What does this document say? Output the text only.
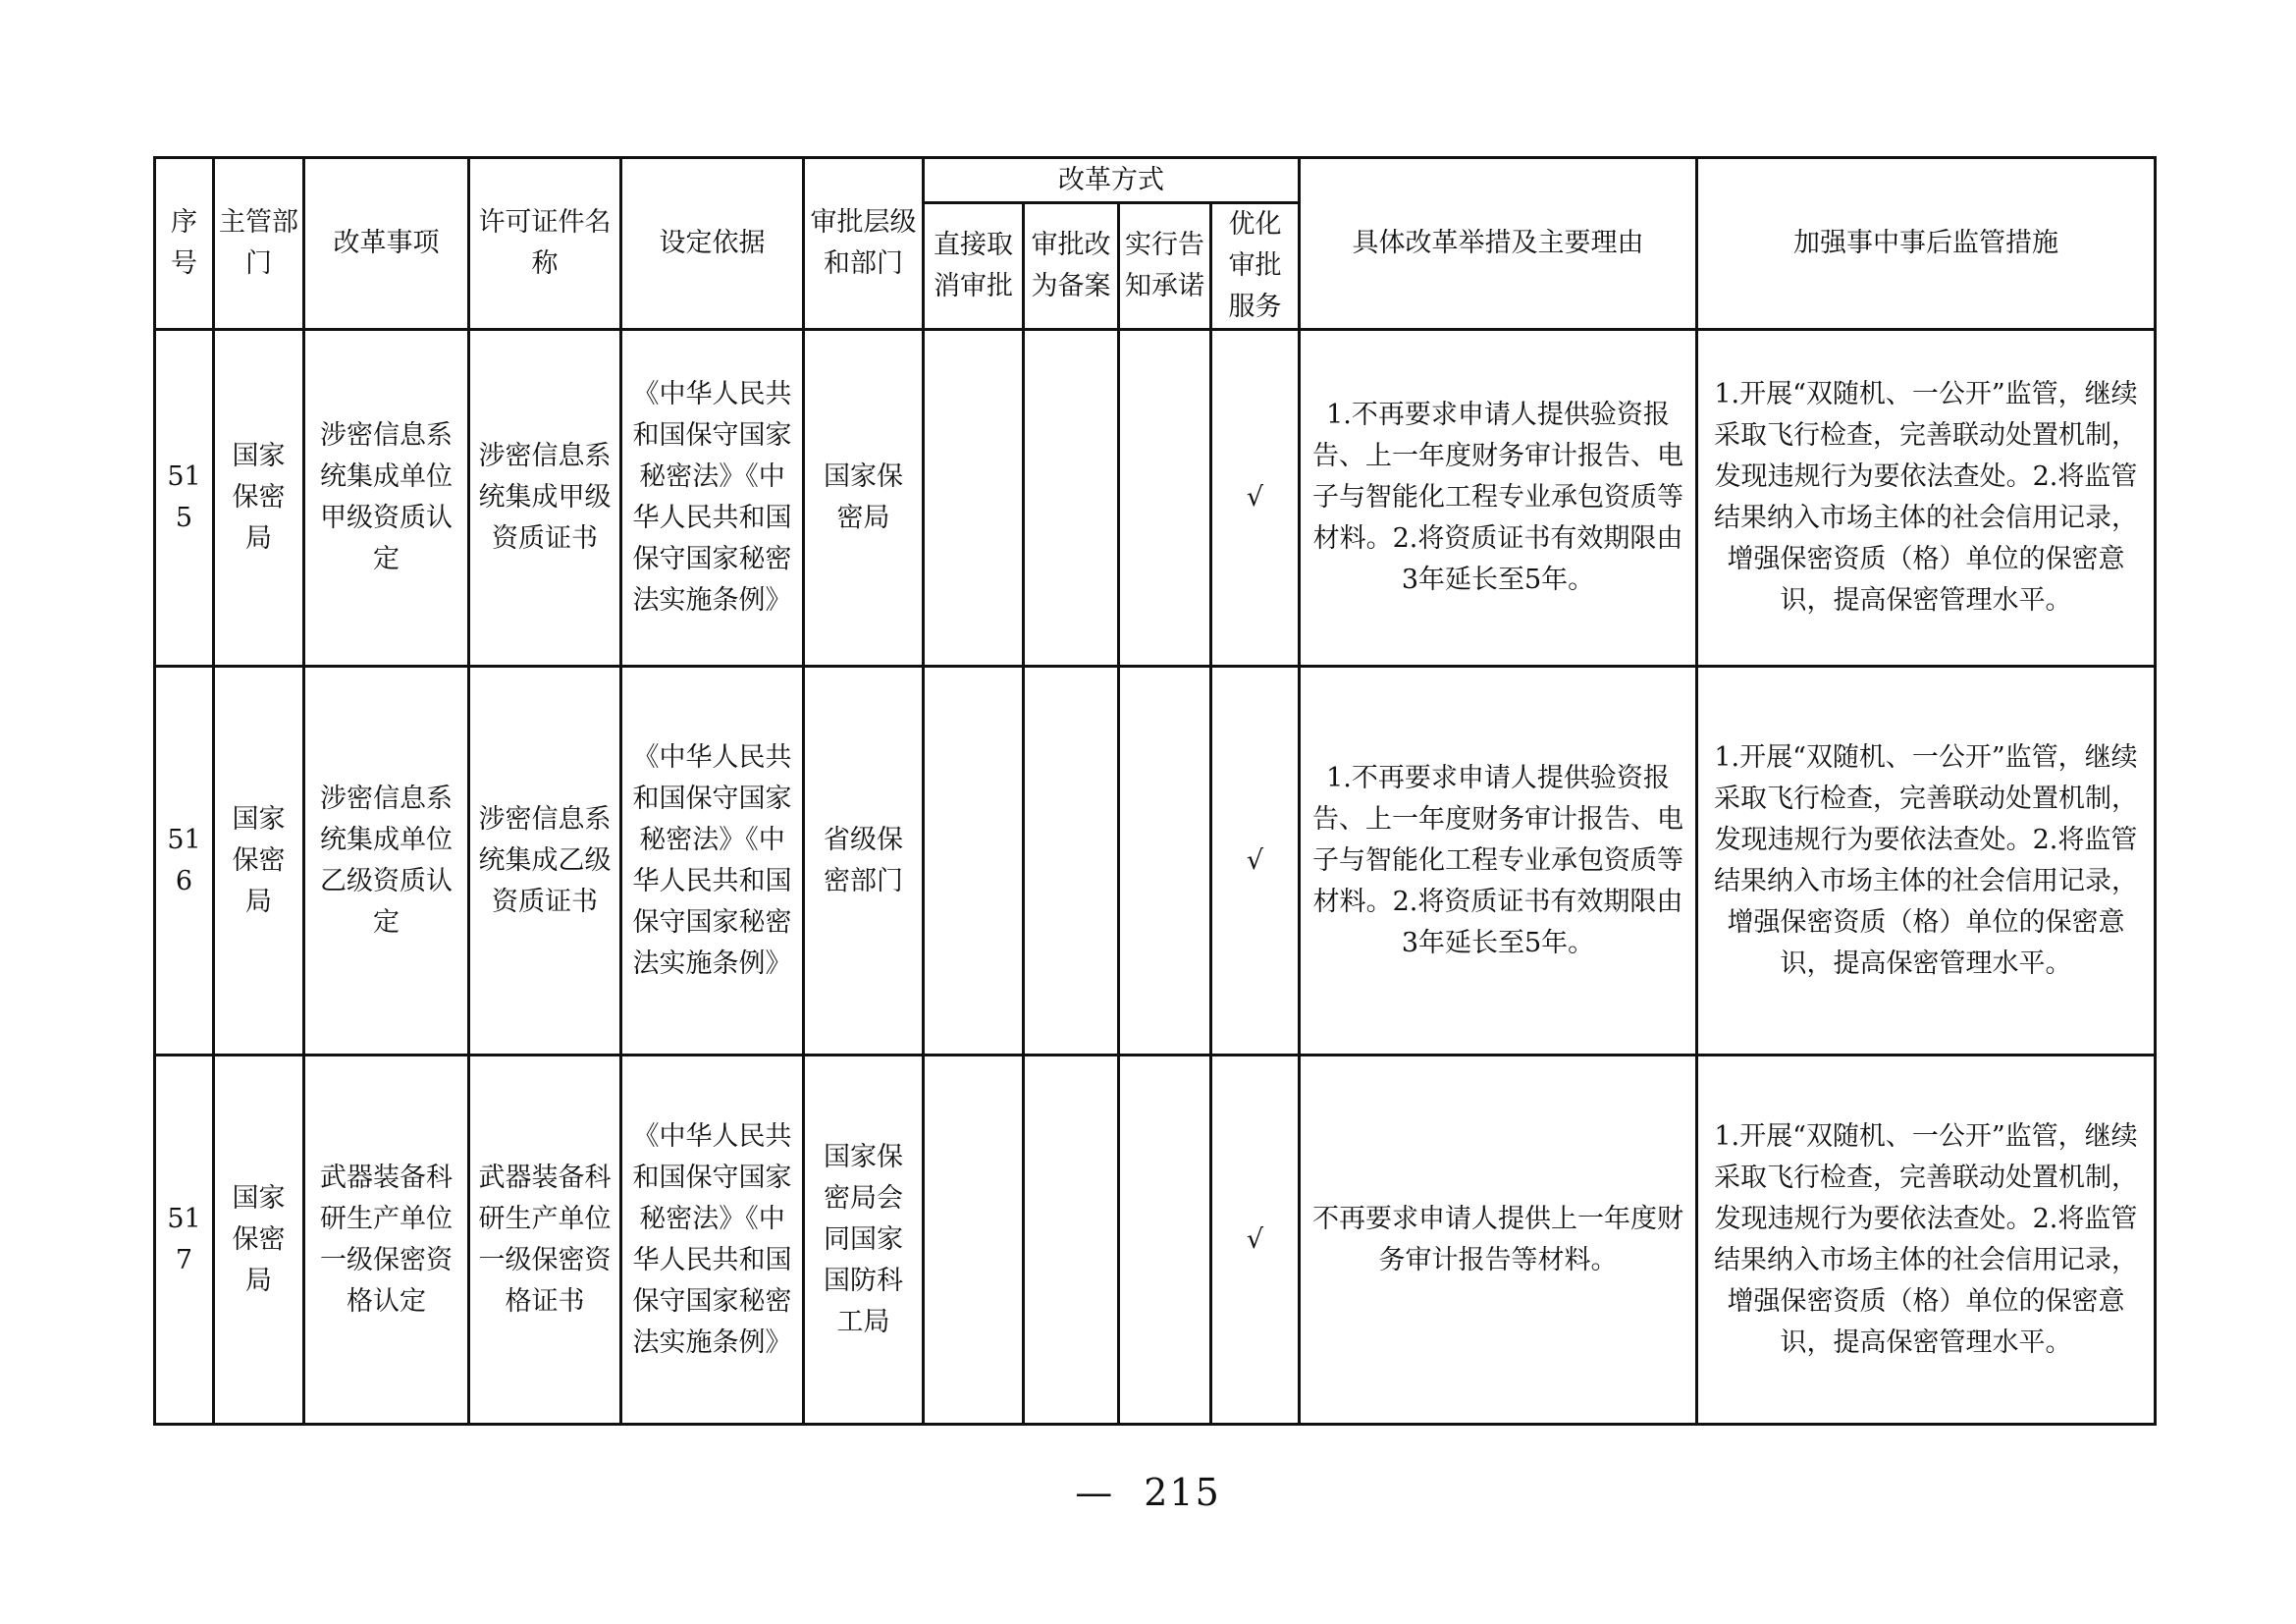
序号	主管部门	改革事项	许可证件名称	设定依据	审批层级和部门	改革方式				具体改革举措及主要理由	加强事中事后监管措施
						直接取消审批	审批改为备案	实行告知承诺	优化审批服务		
515	国家保密局	涉密信息系统集成单位甲级资质认定	涉密信息系统集成甲级资质证书	《中华人民共和国保守国家秘密法》《中华人民共和国保守国家秘密法实施条例》	国家保密局				√	1.不再要求申请人提供验资报告、上一年度财务审计报告、电子与智能化工程专业承包资质等材料。2.将资质证书有效期限由3年延长至5年。	1.开展“双随机、一公开”监管，继续采取飞行检查，完善联动处置机制，发现违规行为要依法查处。2.将监管结果纳入市场主体的社会信用记录，增强保密资质（格）单位的保密意识，提高保密管理水平。
516	国家保密局	涉密信息系统集成单位乙级资质认定	涉密信息系统集成乙级资质证书	《中华人民共和国保守国家秘密法》《中华人民共和国保守国家秘密法实施条例》	省级保密部门				√	1.不再要求申请人提供验资报告、上一年度财务审计报告、电子与智能化工程专业承包资质等材料。2.将资质证书有效期限由3年延长至5年。	1.开展“双随机、一公开”监管，继续采取飞行检查，完善联动处置机制，发现违规行为要依法查处。2.将监管结果纳入市场主体的社会信用记录，增强保密资质（格）单位的保密意识，提高保密管理水平。
517	国家保密局	武器装备科研生产单位一级保密资格认定	武器装备科研生产单位一级保密资格证书	《中华人民共和国保守国家秘密法》《中华人民共和国保守国家秘密法实施条例》	国家保密局会同国家国防科工局				√	不再要求申请人提供上一年度财务审计报告等材料。	1.开展“双随机、一公开”监管，继续采取飞行检查，完善联动处置机制，发现违规行为要依法查处。2.将监管结果纳入市场主体的社会信用记录，增强保密资质（格）单位的保密意识，提高保密管理水平。
— 215
